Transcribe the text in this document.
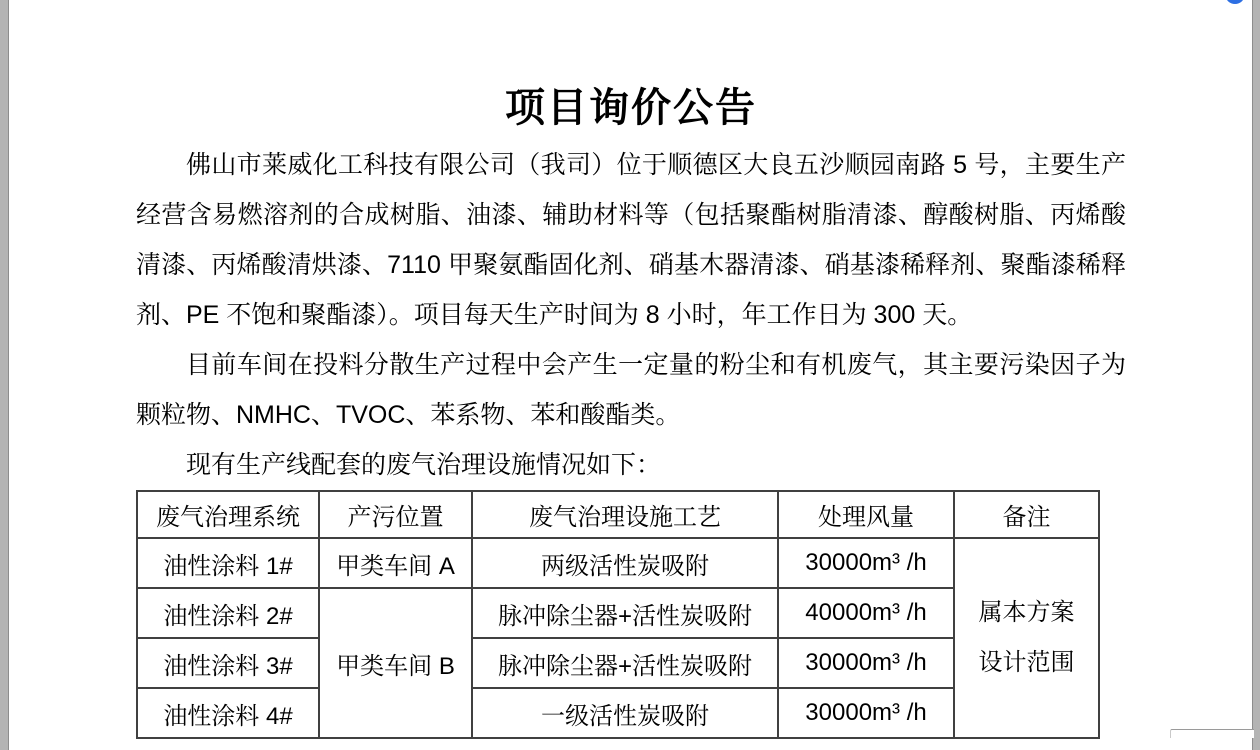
项目询价公告

佛山市莱威化工科技有限公司（我司）位于顺德区大良五沙顺园南路 5 号，主要生产经营含易燃溶剂的合成树脂、油漆、辅助材料等（包括聚酯树脂清漆、醇酸树脂、丙烯酸清漆、丙烯酸清烘漆、7110 甲聚氨酯固化剂、硝基木器清漆、硝基漆稀释剂、聚酯漆稀释剂、PE 不饱和聚酯漆）。项目每天生产时间为 8 小时，年工作日为 300 天。

目前车间在投料分散生产过程中会产生一定量的粉尘和有机废气，其主要污染因子为颗粒物、NMHC、TVOC、苯系物、苯和酸酯类。

现有生产线配套的废气治理设施情况如下：

废气治理系统	产污位置	废气治理设施工艺	处理风量	备注
油性涂料 1#	甲类车间 A	两级活性炭吸附	30000m³ /h	属本方案
设计范围

油性涂料 2#	甲类车间 B	脉冲除尘器+活性炭吸附	40000m³ /h	
油性涂料 3#		脉冲除尘器+活性炭吸附	30000m³ /h	
油性涂料 4#		一级活性炭吸附	30000m³ /h	
